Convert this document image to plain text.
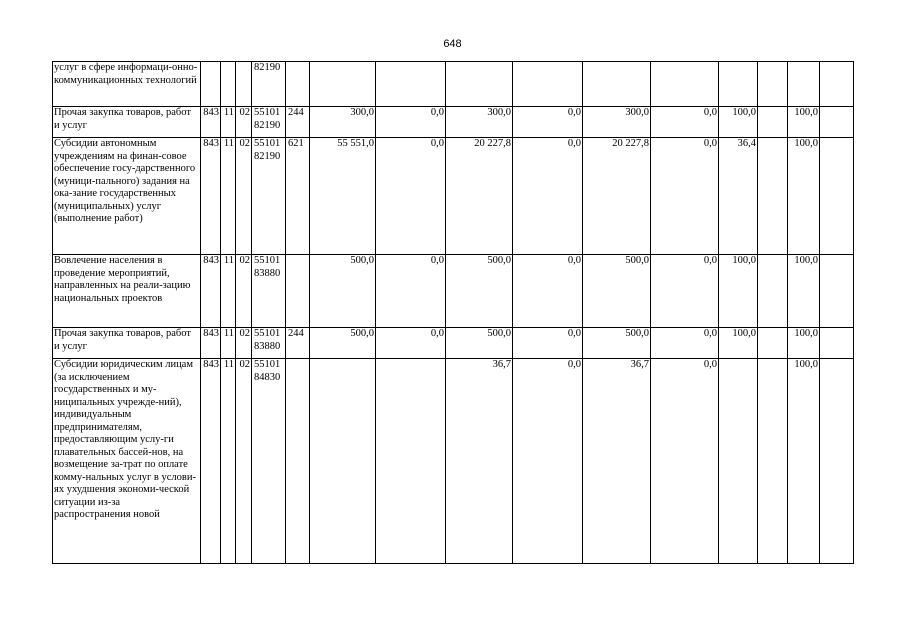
648
услуг в сфере информаци-онно-коммуникационных технологий				82190											
Прочая закупка товаров, работ и услуг	843	11	02	55101 82190	244	300,0	0,0	300,0	0,0	300,0	0,0	100,0		100,0	
Субсидии автономным учреждениям на финан-совое обеспечение госу-дарственного (муници-пального) задания на ока-зание государственных (муниципальных) услуг (выполнение работ)	843	11	02	55101 82190	621	55 551,0	0,0	20 227,8	0,0	20 227,8	0,0	36,4		100,0	
Вовлечение населения в проведение мероприятий, направленных на реали-зацию национальных проектов	843	11	02	55101 83880		500,0	0,0	500,0	0,0	500,0	0,0	100,0		100,0	
Прочая закупка товаров, работ и услуг	843	11	02	55101 83880	244	500,0	0,0	500,0	0,0	500,0	0,0	100,0		100,0	
Субсидии юридическим лицам (за исключением государственных и му-ниципальных учрежде-ний), индивидуальным предпринимателям, предоставляющим услу-ги плавательных бассей-нов, на возмещение за-трат по оплате комму-нальных услуг в услови-ях ухудшения экономи-ческой ситуации из-за распространения новой	843	11	02	55101 84830				36,7	0,0	36,7	0,0			100,0	
